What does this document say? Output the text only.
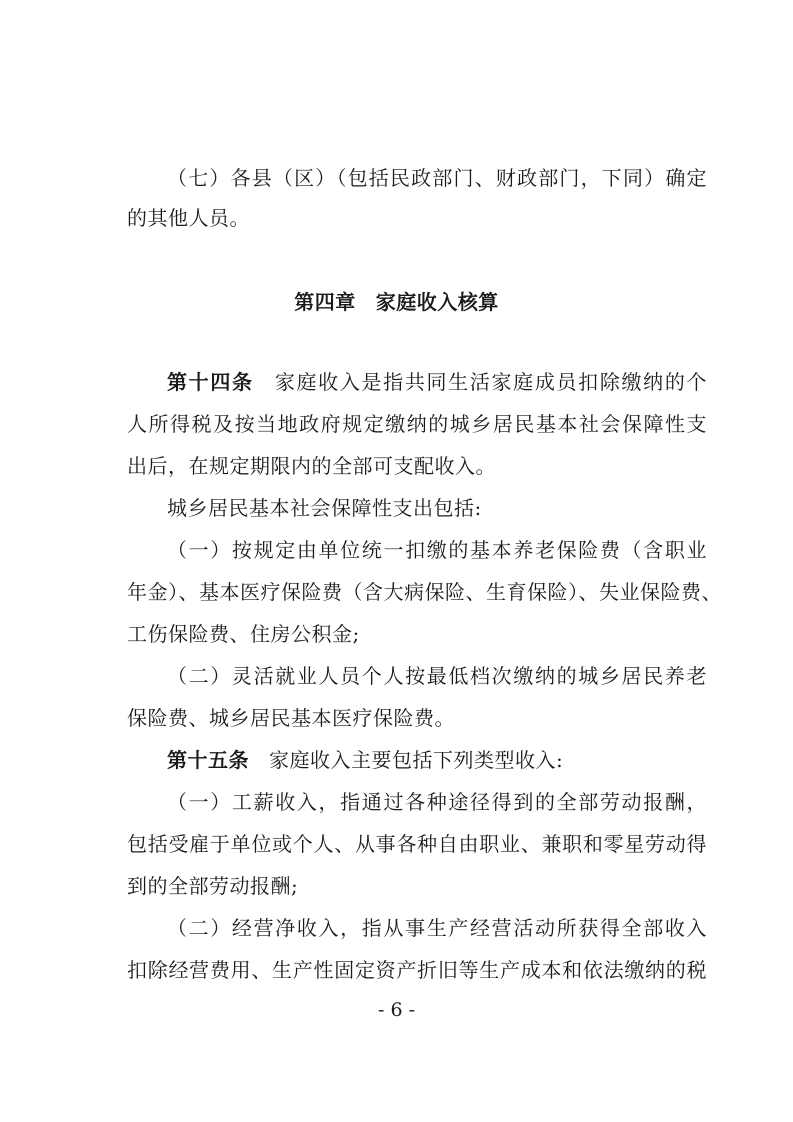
（七）各县（区）（包括民政部门、财政部门，下同）确定
的其他人员。
第四章 家庭收入核算
第十四条 家庭收入是指共同生活家庭成员扣除缴纳的个
人所得税及按当地政府规定缴纳的城乡居民基本社会保障性支
出后，在规定期限内的全部可支配收入。
城乡居民基本社会保障性支出包括:
（一）按规定由单位统一扣缴的基本养老保险费（含职业
年金）、基本医疗保险费（含大病保险、生育保险）、失业保险费、
工伤保险费、住房公积金;
（二）灵活就业人员个人按最低档次缴纳的城乡居民养老
保险费、城乡居民基本医疗保险费。
第十五条 家庭收入主要包括下列类型收入:
（一）工薪收入，指通过各种途径得到的全部劳动报酬，
包括受雇于单位或个人、从事各种自由职业、兼职和零星劳动得
到的全部劳动报酬;
（二）经营净收入，指从事生产经营活动所获得全部收入
扣除经营费用、生产性固定资产折旧等生产成本和依法缴纳的税
- 6 -
